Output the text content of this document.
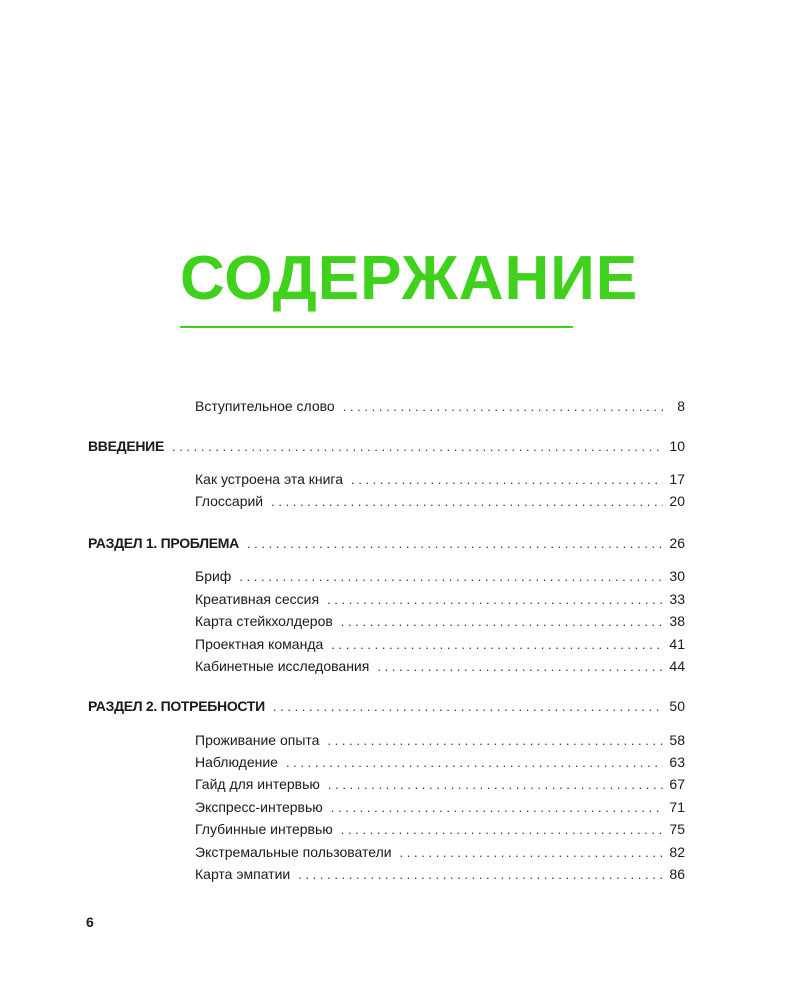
СОДЕРЖАНИЕ
Вступительное слово . . .	8
ВВЕДЕНИЕ . . .	10
Как устроена эта книга . . .	17
Глоссарий . . .	20
РАЗДЕЛ 1. ПРОБЛЕМА . . .	26
Бриф . . .	30
Креативная сессия . . .	33
Карта стейкхолдеров . . .	38
Проектная команда . . .	41
Кабинетные исследования . . .	44
РАЗДЕЛ 2. ПОТРЕБНОСТИ . . .	50
Проживание опыта . . .	58
Наблюдение . . .	63
Гайд для интервью . . .	67
Экспресс-интервью . . .	71
Глубинные интервью . . .	75
Экстремальные пользователи . . .	82
Карта эмпатии . . .	86
6
